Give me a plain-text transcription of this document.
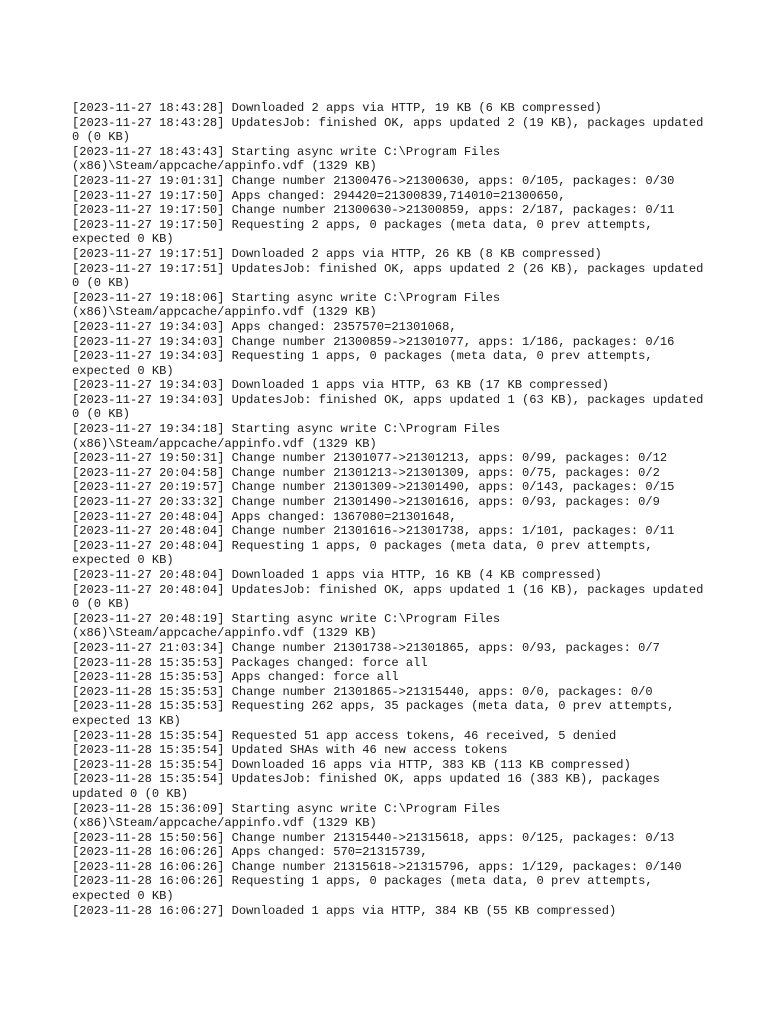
[2023-11-27 18:43:28] Downloaded 2 apps via HTTP, 19 KB (6 KB compressed)
[2023-11-27 18:43:28] UpdatesJob: finished OK, apps updated 2 (19 KB), packages updated 0 (0 KB)
[2023-11-27 18:43:43] Starting async write C:\Program Files (x86)\Steam/appcache/appinfo.vdf (1329 KB)
[2023-11-27 19:01:31] Change number 21300476->21300630, apps: 0/105, packages: 0/30
[2023-11-27 19:17:50] Apps changed: 294420=21300839,714010=21300650,
[2023-11-27 19:17:50] Change number 21300630->21300859, apps: 2/187, packages: 0/11
[2023-11-27 19:17:50] Requesting 2 apps, 0 packages (meta data, 0 prev attempts, expected 0 KB)
[2023-11-27 19:17:51] Downloaded 2 apps via HTTP, 26 KB (8 KB compressed)
[2023-11-27 19:17:51] UpdatesJob: finished OK, apps updated 2 (26 KB), packages updated 0 (0 KB)
[2023-11-27 19:18:06] Starting async write C:\Program Files (x86)\Steam/appcache/appinfo.vdf (1329 KB)
[2023-11-27 19:34:03] Apps changed: 2357570=21301068,
[2023-11-27 19:34:03] Change number 21300859->21301077, apps: 1/186, packages: 0/16
[2023-11-27 19:34:03] Requesting 1 apps, 0 packages (meta data, 0 prev attempts, expected 0 KB)
[2023-11-27 19:34:03] Downloaded 1 apps via HTTP, 63 KB (17 KB compressed)
[2023-11-27 19:34:03] UpdatesJob: finished OK, apps updated 1 (63 KB), packages updated 0 (0 KB)
[2023-11-27 19:34:18] Starting async write C:\Program Files (x86)\Steam/appcache/appinfo.vdf (1329 KB)
[2023-11-27 19:50:31] Change number 21301077->21301213, apps: 0/99, packages: 0/12
[2023-11-27 20:04:58] Change number 21301213->21301309, apps: 0/75, packages: 0/2
[2023-11-27 20:19:57] Change number 21301309->21301490, apps: 0/143, packages: 0/15
[2023-11-27 20:33:32] Change number 21301490->21301616, apps: 0/93, packages: 0/9
[2023-11-27 20:48:04] Apps changed: 1367080=21301648,
[2023-11-27 20:48:04] Change number 21301616->21301738, apps: 1/101, packages: 0/11
[2023-11-27 20:48:04] Requesting 1 apps, 0 packages (meta data, 0 prev attempts, expected 0 KB)
[2023-11-27 20:48:04] Downloaded 1 apps via HTTP, 16 KB (4 KB compressed)
[2023-11-27 20:48:04] UpdatesJob: finished OK, apps updated 1 (16 KB), packages updated 0 (0 KB)
[2023-11-27 20:48:19] Starting async write C:\Program Files (x86)\Steam/appcache/appinfo.vdf (1329 KB)
[2023-11-27 21:03:34] Change number 21301738->21301865, apps: 0/93, packages: 0/7
[2023-11-28 15:35:53] Packages changed: force all
[2023-11-28 15:35:53] Apps changed: force all
[2023-11-28 15:35:53] Change number 21301865->21315440, apps: 0/0, packages: 0/0
[2023-11-28 15:35:53] Requesting 262 apps, 35 packages (meta data, 0 prev attempts, expected 13 KB)
[2023-11-28 15:35:54] Requested 51 app access tokens, 46 received, 5 denied
[2023-11-28 15:35:54] Updated SHAs with 46 new access tokens
[2023-11-28 15:35:54] Downloaded 16 apps via HTTP, 383 KB (113 KB compressed)
[2023-11-28 15:35:54] UpdatesJob: finished OK, apps updated 16 (383 KB), packages updated 0 (0 KB)
[2023-11-28 15:36:09] Starting async write C:\Program Files (x86)\Steam/appcache/appinfo.vdf (1329 KB)
[2023-11-28 15:50:56] Change number 21315440->21315618, apps: 0/125, packages: 0/13
[2023-11-28 16:06:26] Apps changed: 570=21315739,
[2023-11-28 16:06:26] Change number 21315618->21315796, apps: 1/129, packages: 0/140
[2023-11-28 16:06:26] Requesting 1 apps, 0 packages (meta data, 0 prev attempts, expected 0 KB)
[2023-11-28 16:06:27] Downloaded 1 apps via HTTP, 384 KB (55 KB compressed)
